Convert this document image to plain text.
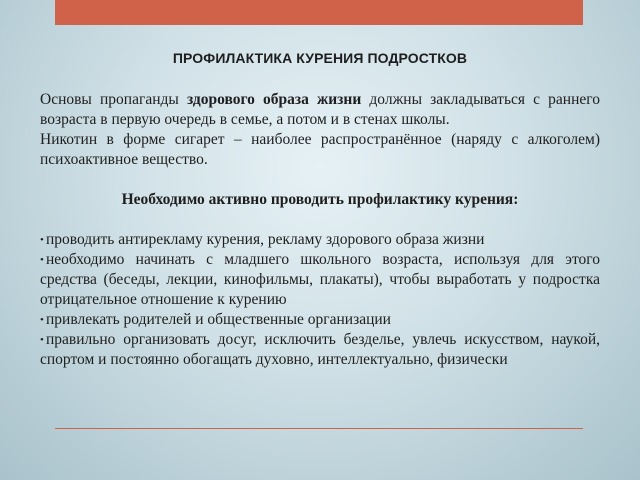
ПРОФИЛАКТИКА КУРЕНИЯ ПОДРОСТКОВ

Основы пропаганды здорового образа жизни должны закладываться с раннего возраста в первую очередь в семье, а потом и в стенах школы.

Никотин в форме сигарет – наиболее распространённое (наряду с алкоголем) психоактивное вещество.

Необходимо активно проводить профилактику курения:

• проводить антирекламу курения, рекламу здорового образа жизни
• необходимо начинать с младшего школьного возраста, используя для этого средства (беседы, лекции, кинофильмы, плакаты), чтобы выработать у подростка отрицательное отношение к курению
• привлекать родителей и общественные организации
• правильно организовать досуг, исключить безделье, увлечь искусством, наукой, спортом и постоянно обогащать духовно, интеллектуально, физически
